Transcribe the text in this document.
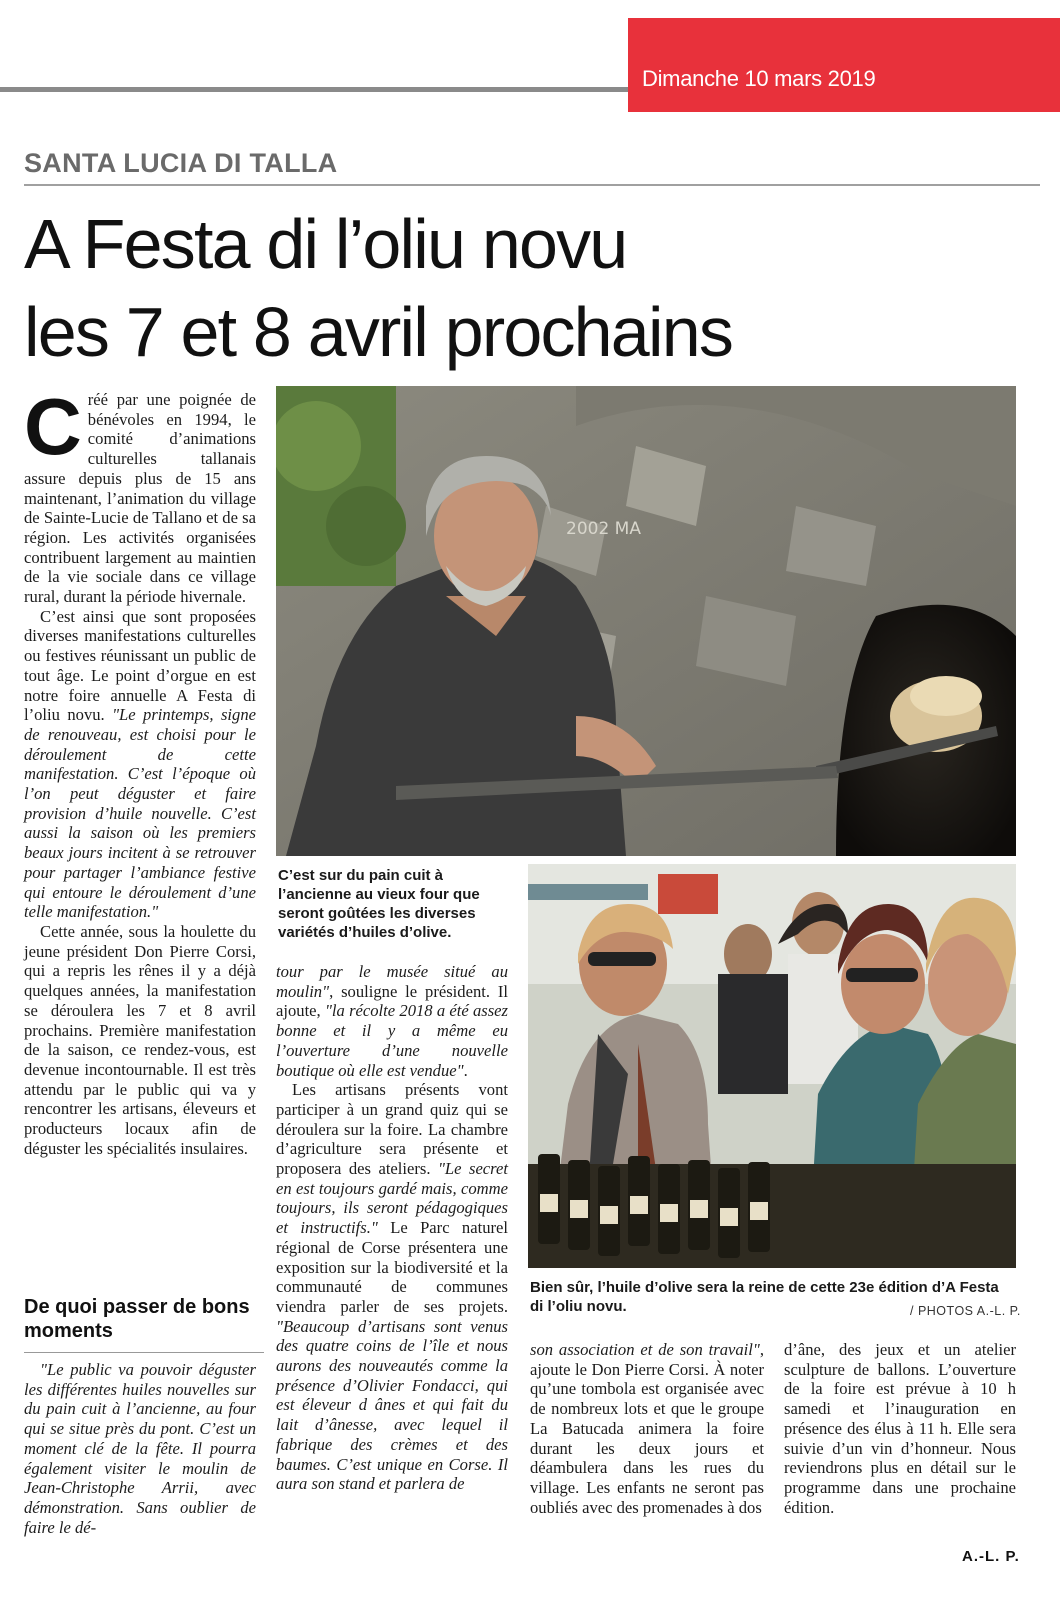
Dimanche 10 mars 2019
SANTA LUCIA DI TALLA
A Festa di l’oliu novu
les 7 et 8 avril prochains

Créé par une poignée de bénévoles en 1994, le comité d’animations culturelles tallanais assure depuis plus de 15 ans maintenant, l’animation du village de Sainte-Lucie de Tallano et de sa région. Les activités organisées contribuent largement au maintien de la vie sociale dans ce village rural, durant la période hivernale.

C’est ainsi que sont proposées diverses manifestations culturelles ou festives réunissant un public de tout âge. Le point d’orgue en est notre foire annuelle A Festa di l’oliu novu. "Le printemps, signe de renouveau, est choisi pour le déroulement de cette manifestation. C’est l’époque où l’on peut déguster et faire provision d’huile nouvelle. C’est aussi la saison où les premiers beaux jours incitent à se retrouver pour partager l’ambiance festive qui entoure le déroulement d’une telle manifestation."

Cette année, sous la houlette du jeune président Don Pierre Corsi, qui a repris les rênes il y a déjà quelques années, la manifestation se déroulera les 7 et 8 avril prochains. Première manifestation de la saison, ce rendez-vous, est devenue incontournable. Il est très attendu par le public qui va y rencontrer les artisans, éleveurs et producteurs locaux afin de déguster les spécialités insulaires.

De quoi passer de bons moments

"Le public va pouvoir déguster les différentes huiles nouvelles sur du pain cuit à l’ancienne, au four qui se situe près du pont. C’est un moment clé de la fête. Il pourra également visiter le moulin de Jean-Christophe Arrii, avec démonstration. Sans oublier de faire le dé-

2002 MA
C’est sur du pain cuit à l’ancienne au vieux four que seront goûtées les diverses variétés d’huiles d’olive.

tour par le musée situé au moulin", souligne le président. Il ajoute, "la récolte 2018 a été assez bonne et il y a même eu l’ouverture d’une nouvelle boutique où elle est vendue".

Les artisans présents vont participer à un grand quiz qui se déroulera sur la foire. La chambre d’agriculture sera présente et proposera des ateliers. "Le secret en est toujours gardé mais, comme toujours, ils seront pédagogiques et instructifs." Le Parc naturel régional de Corse présentera une exposition sur la biodiversité et la communauté de communes viendra parler de ses projets. "Beaucoup d’artisans sont venus des quatre coins de l’île et nous aurons des nouveautés comme la présence d’Olivier Fondacci, qui est éleveur d ânes et qui fait du lait d’ânesse, avec lequel il fabrique des crèmes et des baumes. C’est unique en Corse. Il aura son stand et parlera de

Bien sûr, l’huile d’olive sera la reine de cette 23e édition d’A Festa di l’oliu novu.	/ PHOTOS A.-L. P.

son association et de son travail", ajoute le Don Pierre Corsi. À noter qu’une tombola est organisée avec de nombreux lots et que le groupe La Batucada animera la foire durant les deux jours et déambulera dans les rues du village. Les enfants ne seront pas oubliés avec des promenades à dos

d’âne, des jeux et un atelier sculpture de ballons. L’ouverture de la foire est prévue à 10 h samedi et l’inauguration en présence des élus à 11 h. Elle sera suivie d’un vin d’honneur. Nous reviendrons plus en détail sur le programme dans une prochaine édition.

A.-L. P.
